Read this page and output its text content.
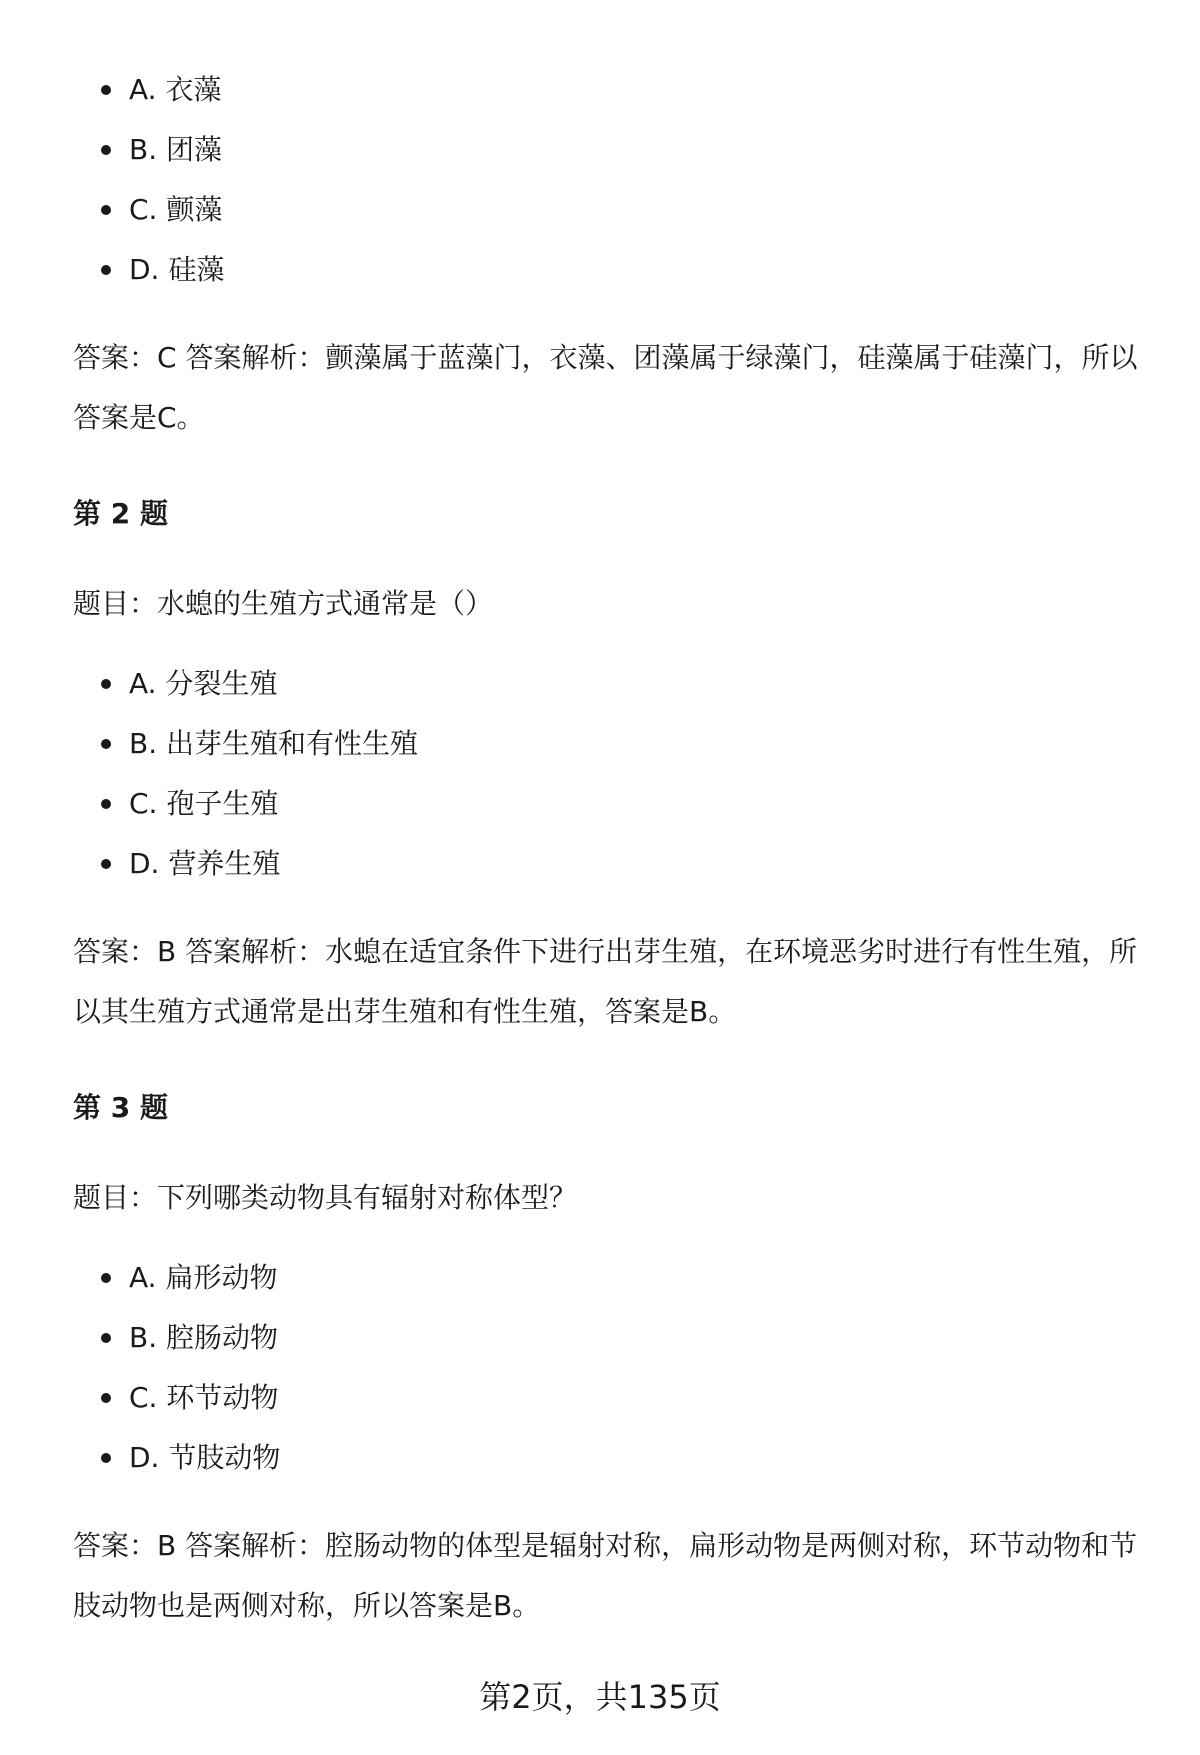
A. 衣藻
B. 团藻
C. 颤藻
D. 硅藻

答案：C 答案解析：颤藻属于蓝藻门，衣藻、团藻属于绿藻门，硅藻属于硅藻门，所以答案是C。

第 2 题

题目：水螅的生殖方式通常是（）

A. 分裂生殖
B. 出芽生殖和有性生殖
C. 孢子生殖
D. 营养生殖

答案：B 答案解析：水螅在适宜条件下进行出芽生殖，在环境恶劣时进行有性生殖，所以其生殖方式通常是出芽生殖和有性生殖，答案是B。

第 3 题

题目：下列哪类动物具有辐射对称体型？

A. 扁形动物
B. 腔肠动物
C. 环节动物
D. 节肢动物

答案：B 答案解析：腔肠动物的体型是辐射对称，扁形动物是两侧对称，环节动物和节肢动物也是两侧对称，所以答案是B。

第2页，共135页
